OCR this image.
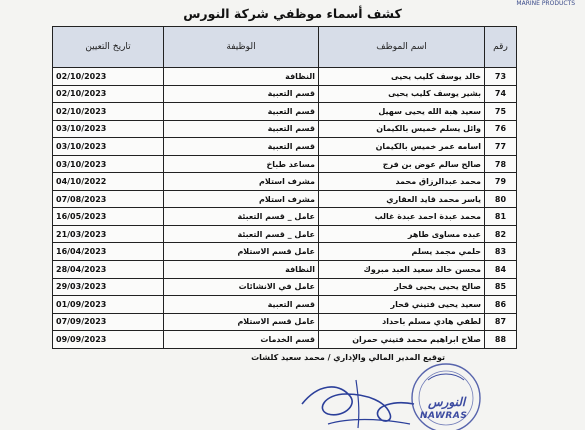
MARINE PRODUCTS
كشف أسماء موظفي شركة النورس
رقم	اسم الموظف	الوظيفة	تاريخ التعيين
73	خالد يوسف كليب يحيى	النظافة	02/10/2023
74	بشير يوسف كليب يحيى	قسم التعبية	02/10/2023
75	سعيد هبة الله يحيى سهيل	قسم التعبية	02/10/2023
76	وائل يسلم خميس بالكيمان	قسم التعبية	03/10/2023
77	اسامه عمر خميس بالكيمان	قسم التعبية	03/10/2023
78	صالح سالم عوض بن فرج	مساعد طباخ	03/10/2023
79	محمد عبدالرزاق محمد	مشرف استلام	04/10/2022
80	ياسر محمد قايد العقاري	مشرف استلام	07/08/2023
81	محمد عبدة احمد عبدة غالب	عامل _ قسم التعبئة	16/05/2023
82	عبده مساوى طاهر	عامل _ قسم التعبئة	21/03/2023
83	حلمي مجمد يسلم	عامل قسم الاستلام	16/04/2023
84	محسن خالد سعيد العبد مبروك	النظافة	28/04/2023
85	صالح يحيى يحيى قحار	عامل في الانشائات	29/03/2023
86	سعيد يحيى فتيني قحار	قسم التعبية	01/09/2023
87	لطفي هادي مسلم باحداد	عامل قسم الاستلام	07/09/2023
88	صلاح ابراهيم محمد فتيني حمران	قسم الخدمات	09/09/2023
توقيع المدير المالي والإداري / محمد سعيد كلشات
النورس
NAWRAS
